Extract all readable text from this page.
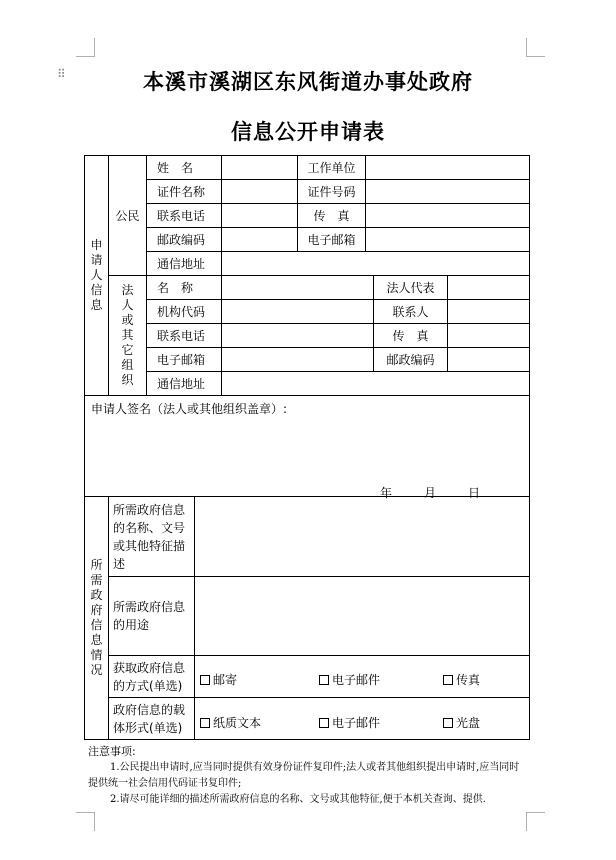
⠿	本溪市溪湖区东风街道办事处政府
信息公开申请表
申请人信息
公民
姓　名	工作单位
证件名称	证件号码
联系电话	传　真
邮政编码	电子邮箱
通信地址
法人或其它组织
名　称	法人代表
机构代码	联系人
联系电话	传　真
电子邮箱	邮政编码
通信地址
申请人签名（法人或其他组织盖章）:
年	月	日
所需政府信息情况
所需政府信息的名称、文号或其他特征描述
所需政府信息的用途
获取政府信息的方式(单选)	邮寄	电子邮件	传真
政府信息的载体形式(单选)	纸质文本	电子邮件	光盘
注意事项:
1.公民提出申请时,应当同时提供有效身份证件复印件;法人或者其他组织提出申请时,应当同时提供统一社会信用代码证书复印件;
2.请尽可能详细的描述所需政府信息的名称、文号或其他特征,便于本机关查询、提供.
